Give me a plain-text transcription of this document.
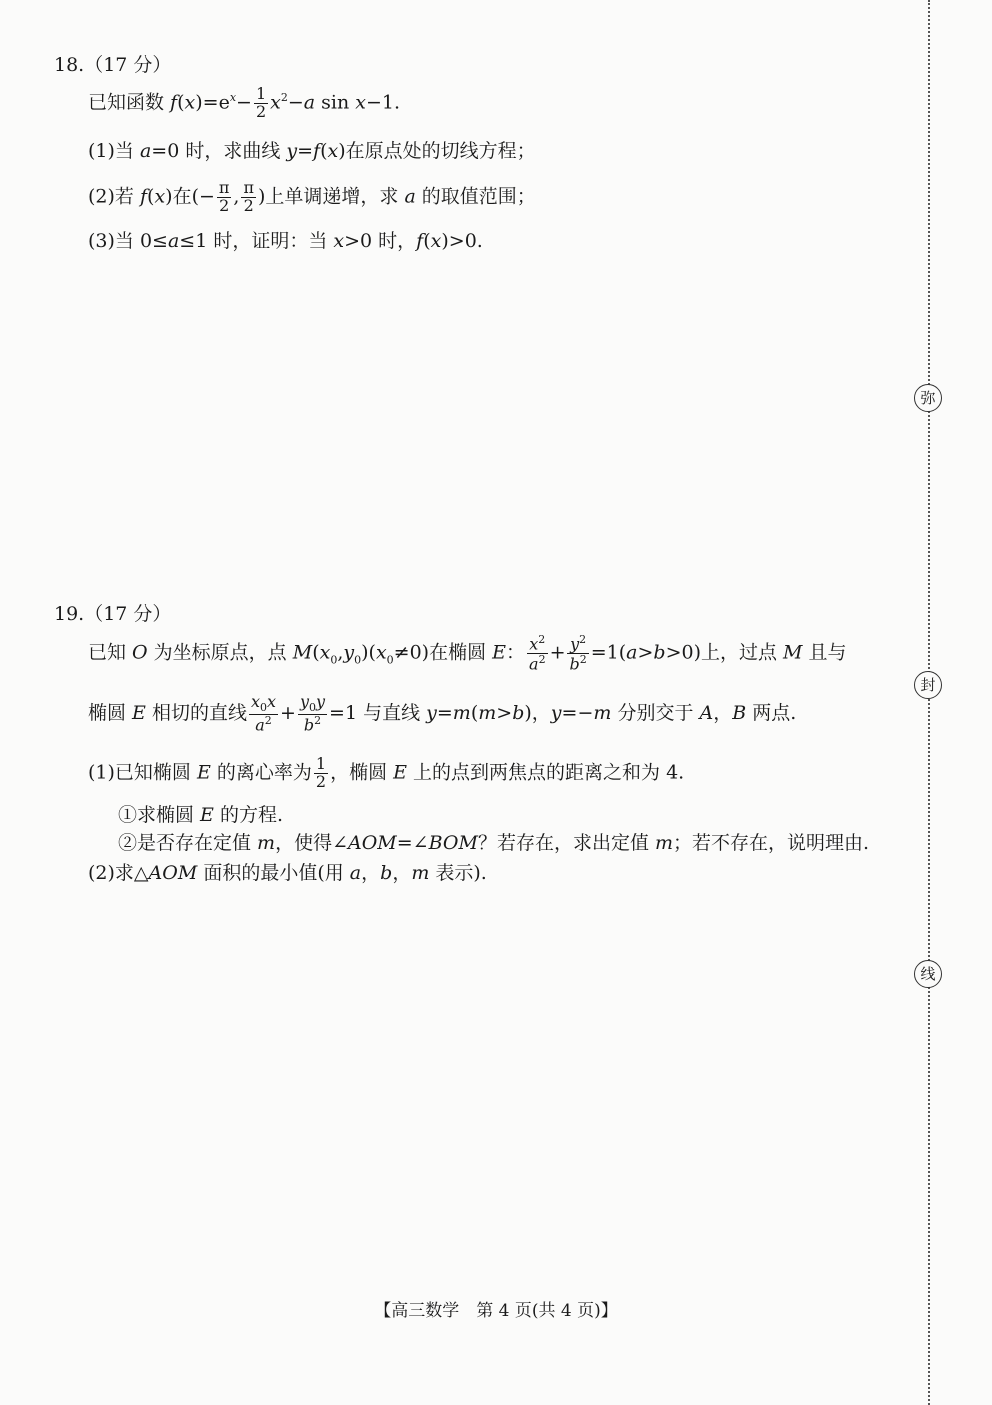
18.（17 分）
已知函数 $f(x)=e^x- \frac{1}{2} x^2-a$ sin x−1.
(1)当 a=0 时，求曲线 y=f(x)在原点处的切线方程；
(2)若 f(x)在(− $\frac{\pi}{2}$ , $\frac{\pi}{2}$ )上单调递增，求 a 的取值范围；
(3)当 0≤a≤1 时，证明：当 x>0 时，f(x)>0.
19.（17 分）
已知 O 为坐标原点，点 $M(x_0,y_0)(x_0\ne 0)$在椭圆 E： $\frac{x^2}{a^2} + \frac{y^2}{b^2} =1(a>b>0)$上，过点 M 且与
椭圆 E 相切的直线 $\frac{x_0x}{a^2} + \frac{y_0y}{b^2} =1$ 与直线 y=m(m>b)，y=−m 分别交于 A，B 两点.
(1)已知椭圆 E 的离心率为 $\frac{1}{2}$ ，椭圆 E 上的点到两焦点的距离之和为 4.
①求椭圆 E 的方程.
②是否存在定值 m，使得∠AOM=∠BOM？若存在，求出定值 m；若不存在，说明理由.
(2)求△AOM 面积的最小值(用 a，b，m 表示).
弥
封
线
【高三数学　第 4 页(共 4 页)】
